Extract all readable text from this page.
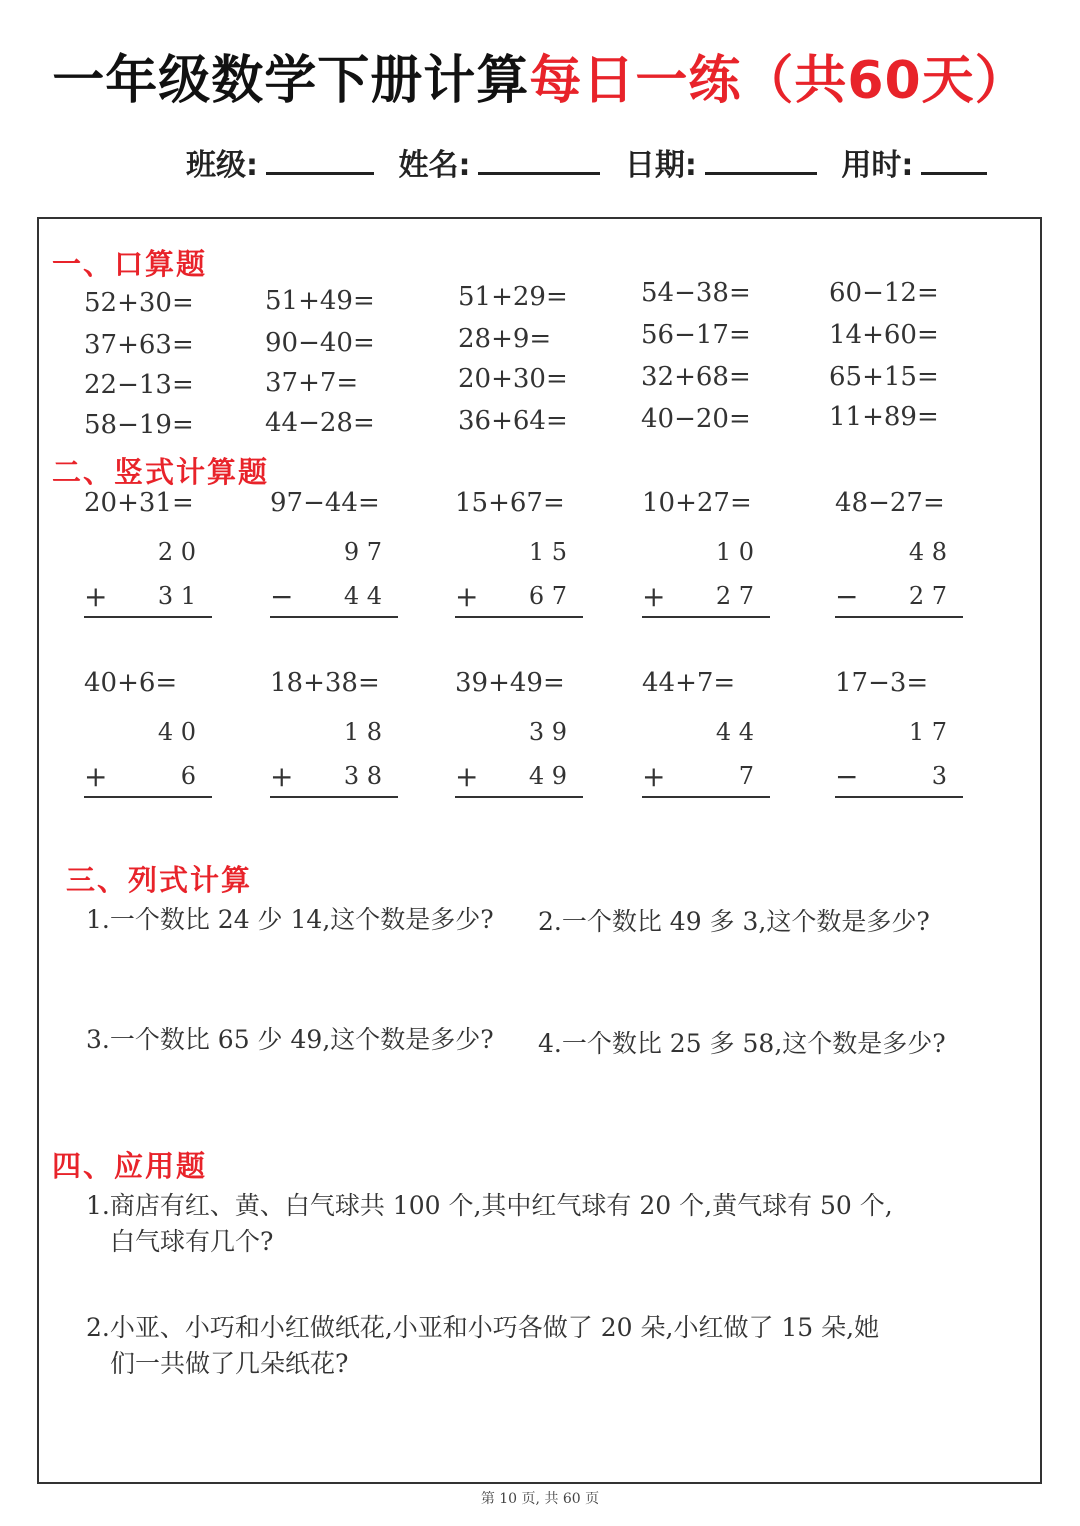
一年级数学下册计算每日一练（共60天）
班级:	姓名:	日期:	用时:
一、口算题
52+30=	51+49=	51+29=	54−38=	60−12=
37+63=	90−40=	28+9=	56−17=	14+60=
22−13=	37+7=	20+30=	32+68=	65+15=
58−19=	44−28=	36+64=	40−20=	11+89=
二、竖式计算题
20+31=
2 0
+	3 1
97−44=
9 7
−	4 4
15+67=
1 5
+	6 7
10+27=
1 0
+	2 7
48−27=
4 8
−	2 7
40+6=
4 0
+	6
18+38=
1 8
+	3 8
39+49=
3 9
+	4 9
44+7=
4 4
+	7
17−3=
1 7
−	3
三、列式计算
1.一个数比 24 少 14,这个数是多少? 2.一个数比 49 多 3,这个数是多少?
3.一个数比 65 少 49,这个数是多少? 4.一个数比 25 多 58,这个数是多少?
四、应用题
1.商店有红、黄、白气球共 100 个,其中红气球有 20 个,黄气球有 50 个,
白气球有几个?
2.小亚、小巧和小红做纸花,小亚和小巧各做了 20 朵,小红做了 15 朵,她
们一共做了几朵纸花?
第 10 页, 共 60 页
